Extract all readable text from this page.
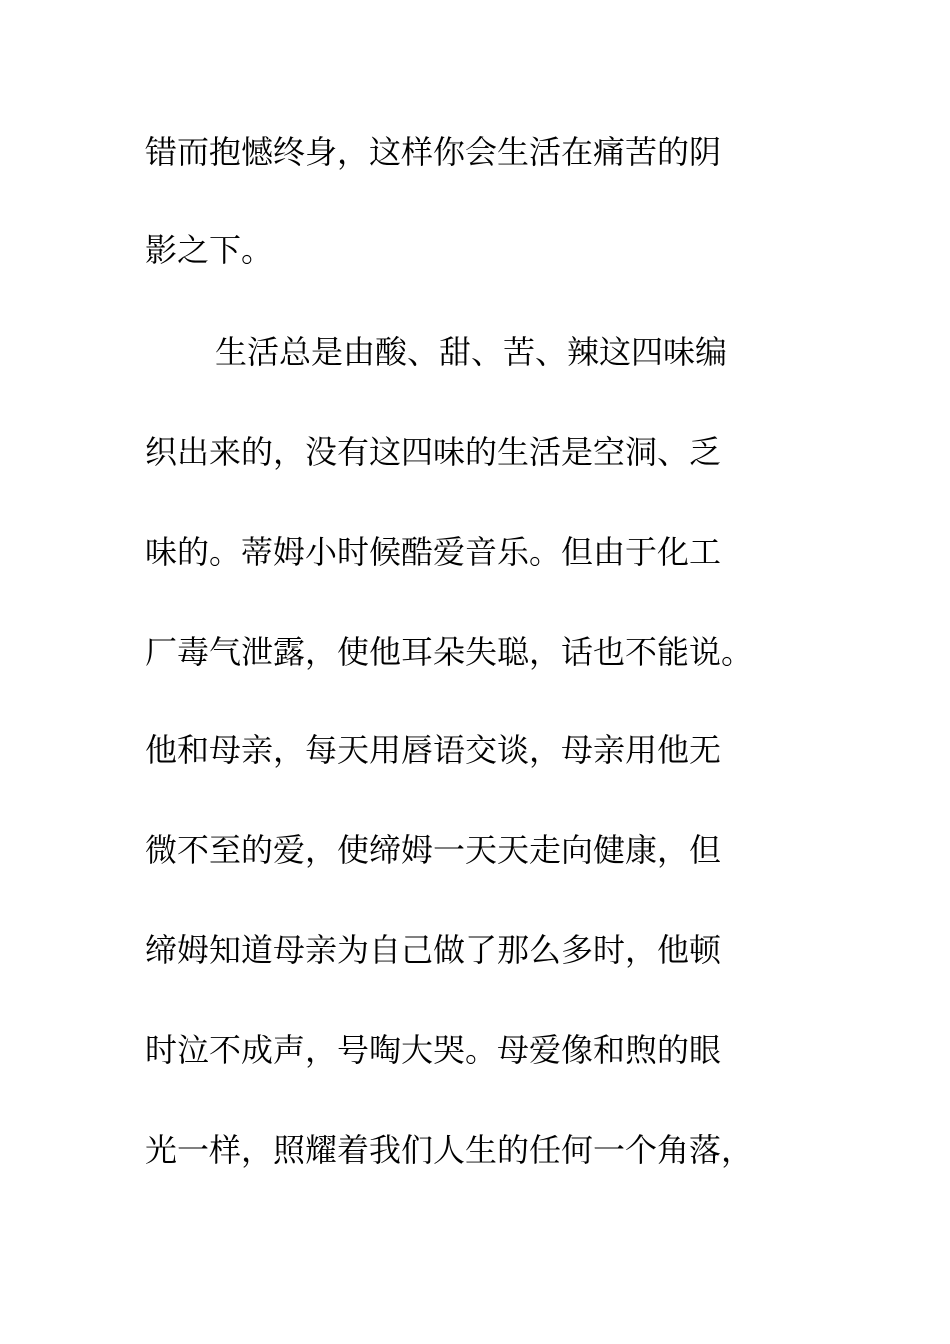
错而抱憾终身，这样你会生活在痛苦的阴
影之下。
生活总是由酸、甜、苦、辣这四味编
织出来的，没有这四味的生活是空洞、乏
味的。蒂姆小时候酷爱音乐。但由于化工
厂毒气泄露，使他耳朵失聪，话也不能说。
他和母亲，每天用唇语交谈，母亲用他无
微不至的爱，使缔姆一天天走向健康，但
缔姆知道母亲为自己做了那么多时，他顿
时泣不成声，号啕大哭。母爱像和煦的眼
光一样，照耀着我们人生的任何一个角落，
